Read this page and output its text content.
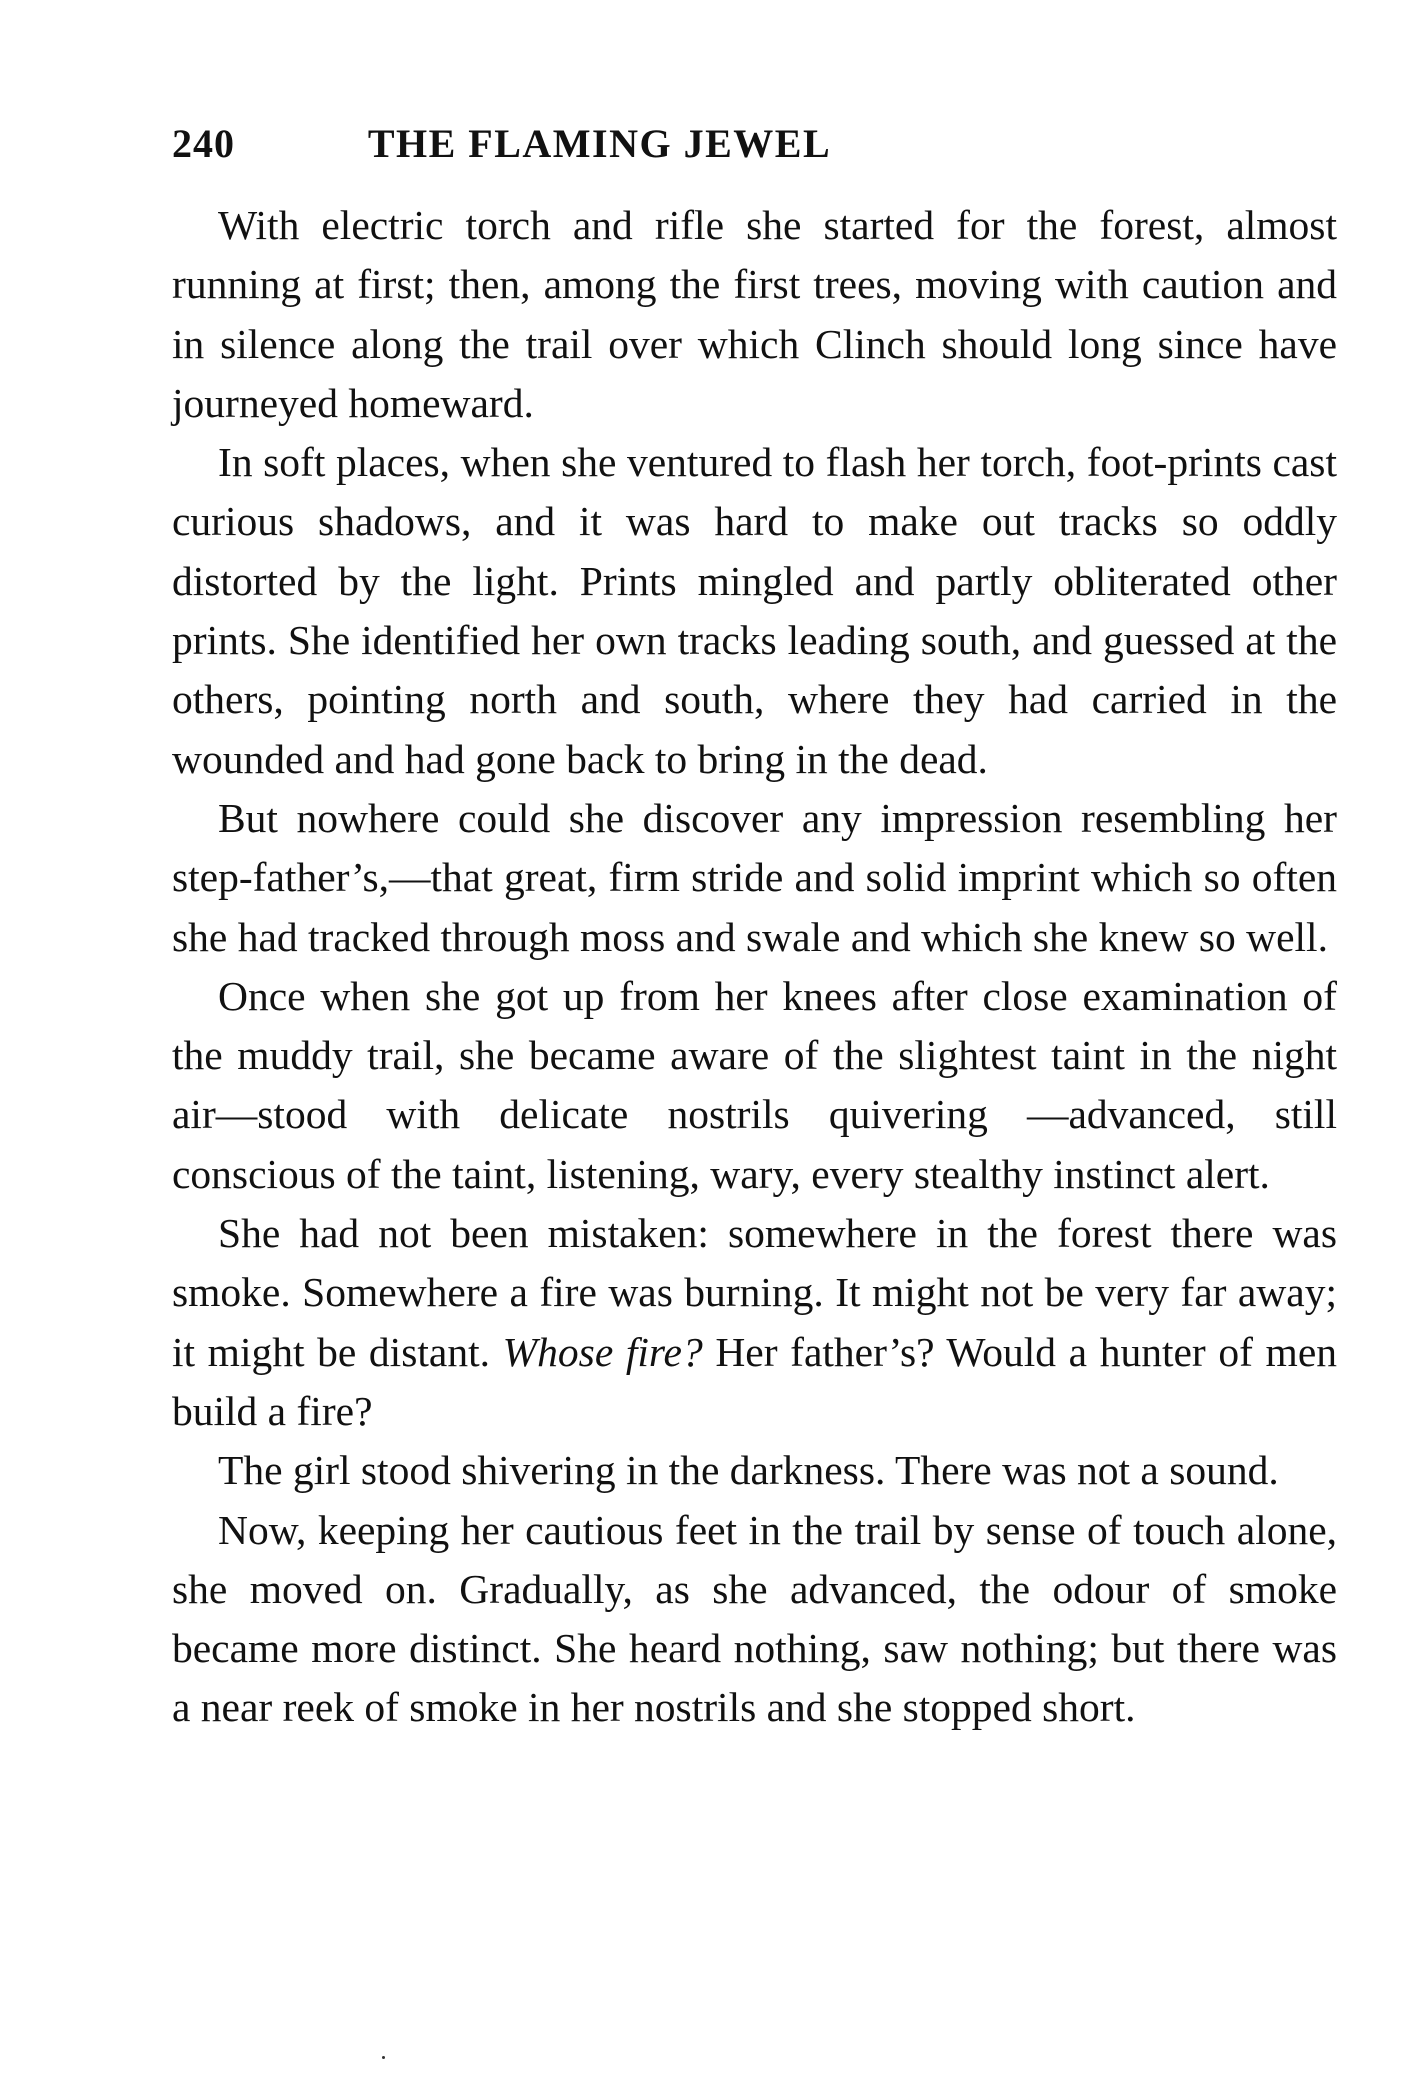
240	THE FLAMING JEWEL

With electric torch and rifle she started for the forest, almost running at first; then, among the first trees, moving with caution and in silence along the trail over which Clinch should long since have journeyed homeward.

In soft places, when she ventured to flash her torch, foot-prints cast curious shadows, and it was hard to make out tracks so oddly distorted by the light. Prints mingled and partly obliterated other prints. She identified her own tracks leading south, and guessed at the others, pointing north and south, where they had carried in the wounded and had gone back to bring in the dead.

But nowhere could she discover any impression resembling her step-father’s,—that great, firm stride and solid imprint which so often she had tracked through moss and swale and which she knew so well.

Once when she got up from her knees after close examination of the muddy trail, she became aware of the slightest taint in the night air—stood with delicate nostrils quivering —advanced, still conscious of the taint, listening, wary, every stealthy instinct alert.

She had not been mistaken: somewhere in the forest there was smoke. Somewhere a fire was burning. It might not be very far away; it might be distant. Whose fire? Her father’s? Would a hunter of men build a fire?

The girl stood shivering in the darkness. There was not a sound.

Now, keeping her cautious feet in the trail by sense of touch alone, she moved on. Gradually, as she advanced, the odour of smoke became more distinct. She heard nothing, saw nothing; but there was a near reek of smoke in her nostrils and she stopped short.
